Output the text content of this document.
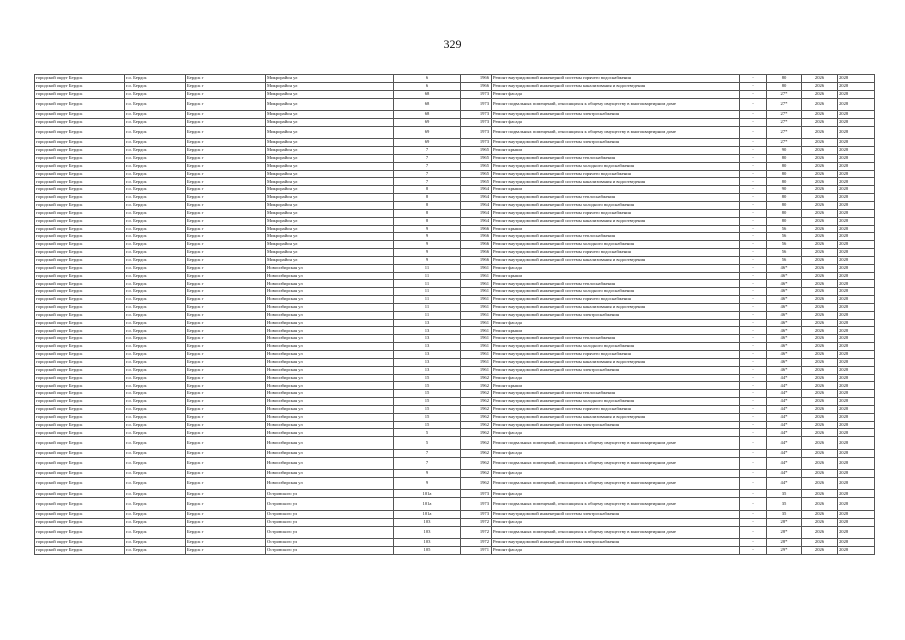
329
городской округ Бердск	г.о. Бердск	Бердск г	Микрорайон ул	6	1966	Ремонт внутридомовой инженерной системы горячего водоснабжения	-	80	2026	2028
городской округ Бердск	г.о. Бердск	Бердск г	Микрорайон ул	6	1966	Ремонт внутридомовой инженерной системы канализования и водоотведения	-	80	2026	2028
городской округ Бердск	г.о. Бердск	Бердск г	Микрорайон ул	68	1973	Ремонт фасада	-	27*	2026	2028
городской округ Бердск	г.о. Бердск	Бердск г	Микрорайон ул	68	1973	Ремонт подвальных помещений, относящихся к общему имуществу в многоквартирном доме	-	27*	2026	2028
городской округ Бердск	г.о. Бердск	Бердск г	Микрорайон ул	68	1973	Ремонт внутридомовой инженерной системы электроснабжения	-	27*	2026	2028
городской округ Бердск	г.о. Бердск	Бердск г	Микрорайон ул	69	1973	Ремонт фасада	-	27*	2026	2028
городской округ Бердск	г.о. Бердск	Бердск г	Микрорайон ул	69	1973	Ремонт подвальных помещений, относящихся к общему имуществу в многоквартирном доме	-	27*	2026	2028
городской округ Бердск	г.о. Бердск	Бердск г	Микрорайон ул	69	1973	Ремонт внутридомовой инженерной системы электроснабжения	-	27*	2026	2028
городской округ Бердск	г.о. Бердск	Бердск г	Микрорайон ул	7	1965	Ремонт крыши	-	90	2026	2028
городской округ Бердск	г.о. Бердск	Бердск г	Микрорайон ул	7	1965	Ремонт внутридомовой инженерной системы теплоснабжения	-	80	2026	2028
городской округ Бердск	г.о. Бердск	Бердск г	Микрорайон ул	7	1965	Ремонт внутридомовой инженерной системы холодного водоснабжения	-	80	2026	2028
городской округ Бердск	г.о. Бердск	Бердск г	Микрорайон ул	7	1965	Ремонт внутридомовой инженерной системы горячего водоснабжения	-	80	2026	2028
городской округ Бердск	г.о. Бердск	Бердск г	Микрорайон ул	7	1965	Ремонт внутридомовой инженерной системы канализования и водоотведения	-	80	2026	2028
городской округ Бердск	г.о. Бердск	Бердск г	Микрорайон ул	8	1964	Ремонт крыши	-	90	2026	2028
городской округ Бердск	г.о. Бердск	Бердск г	Микрорайон ул	8	1964	Ремонт внутридомовой инженерной системы теплоснабжения	-	80	2026	2028
городской округ Бердск	г.о. Бердск	Бердск г	Микрорайон ул	8	1964	Ремонт внутридомовой инженерной системы холодного водоснабжения	-	80	2026	2028
городской округ Бердск	г.о. Бердск	Бердск г	Микрорайон ул	8	1964	Ремонт внутридомовой инженерной системы горячего водоснабжения	-	80	2026	2028
городской округ Бердск	г.о. Бердск	Бердск г	Микрорайон ул	8	1964	Ремонт внутридомовой инженерной системы канализования и водоотведения	-	80	2026	2028
городской округ Бердск	г.о. Бердск	Бердск г	Микрорайон ул	9	1966	Ремонт крыши	-	56	2026	2028
городской округ Бердск	г.о. Бердск	Бердск г	Микрорайон ул	9	1966	Ремонт внутридомовой инженерной системы теплоснабжения	-	56	2026	2028
городской округ Бердск	г.о. Бердск	Бердск г	Микрорайон ул	9	1966	Ремонт внутридомовой инженерной системы холодного водоснабжения	-	56	2026	2028
городской округ Бердск	г.о. Бердск	Бердск г	Микрорайон ул	9	1966	Ремонт внутридомовой инженерной системы горячего водоснабжения	-	56	2026	2028
городской округ Бердск	г.о. Бердск	Бердск г	Микрорайон ул	9	1966	Ремонт внутридомовой инженерной системы канализования и водоотведения	-	56	2026	2028
городской округ Бердск	г.о. Бердск	Бердск г	Новосибирская ул	11	1961	Ремонт фасада	-	46*	2026	2028
городской округ Бердск	г.о. Бердск	Бердск г	Новосибирская ул	11	1961	Ремонт крыши	-	46*	2026	2028
городской округ Бердск	г.о. Бердск	Бердск г	Новосибирская ул	11	1961	Ремонт внутридомовой инженерной системы теплоснабжения	-	46*	2026	2028
городской округ Бердск	г.о. Бердск	Бердск г	Новосибирская ул	11	1961	Ремонт внутридомовой инженерной системы холодного водоснабжения	-	46*	2026	2028
городской округ Бердск	г.о. Бердск	Бердск г	Новосибирская ул	11	1961	Ремонт внутридомовой инженерной системы горячего водоснабжения	-	46*	2026	2028
городской округ Бердск	г.о. Бердск	Бердск г	Новосибирская ул	11	1961	Ремонт внутридомовой инженерной системы канализования и водоотведения	-	46*	2026	2028
городской округ Бердск	г.о. Бердск	Бердск г	Новосибирская ул	11	1961	Ремонт внутридомовой инженерной системы электроснабжения	-	46*	2026	2028
городской округ Бердск	г.о. Бердск	Бердск г	Новосибирская ул	13	1961	Ремонт фасада	-	46*	2026	2028
городской округ Бердск	г.о. Бердск	Бердск г	Новосибирская ул	13	1961	Ремонт крыши	-	46*	2026	2028
городской округ Бердск	г.о. Бердск	Бердск г	Новосибирская ул	13	1961	Ремонт внутридомовой инженерной системы теплоснабжения	-	46*	2026	2028
городской округ Бердск	г.о. Бердск	Бердск г	Новосибирская ул	13	1961	Ремонт внутридомовой инженерной системы холодного водоснабжения	-	46*	2026	2028
городской округ Бердск	г.о. Бердск	Бердск г	Новосибирская ул	13	1961	Ремонт внутридомовой инженерной системы горячего водоснабжения	-	46*	2026	2028
городской округ Бердск	г.о. Бердск	Бердск г	Новосибирская ул	13	1961	Ремонт внутридомовой инженерной системы канализования и водоотведения	-	46*	2026	2028
городской округ Бердск	г.о. Бердск	Бердск г	Новосибирская ул	13	1961	Ремонт внутридомовой инженерной системы электроснабжения	-	46*	2026	2028
городской округ Бердск	г.о. Бердск	Бердск г	Новосибирская ул	15	1962	Ремонт фасада	-	44*	2026	2028
городской округ Бердск	г.о. Бердск	Бердск г	Новосибирская ул	15	1962	Ремонт крыши	-	44*	2026	2028
городской округ Бердск	г.о. Бердск	Бердск г	Новосибирская ул	15	1962	Ремонт внутридомовой инженерной системы теплоснабжения	-	44*	2026	2028
городской округ Бердск	г.о. Бердск	Бердск г	Новосибирская ул	15	1962	Ремонт внутридомовой инженерной системы холодного водоснабжения	-	44*	2026	2028
городской округ Бердск	г.о. Бердск	Бердск г	Новосибирская ул	15	1962	Ремонт внутридомовой инженерной системы горячего водоснабжения	-	44*	2026	2028
городской округ Бердск	г.о. Бердск	Бердск г	Новосибирская ул	15	1962	Ремонт внутридомовой инженерной системы канализования и водоотведения	-	44*	2026	2028
городской округ Бердск	г.о. Бердск	Бердск г	Новосибирская ул	15	1962	Ремонт внутридомовой инженерной системы электроснабжения	-	44*	2026	2028
городской округ Бердск	г.о. Бердск	Бердск г	Новосибирская ул	5	1962	Ремонт фасада	-	44*	2026	2028
городской округ Бердск	г.о. Бердск	Бердск г	Новосибирская ул	5	1962	Ремонт подвальных помещений, относящихся к общему имуществу в многоквартирном доме	-	44*	2026	2028
городской округ Бердск	г.о. Бердск	Бердск г	Новосибирская ул	7	1962	Ремонт фасада	-	44*	2026	2028
городской округ Бердск	г.о. Бердск	Бердск г	Новосибирская ул	7	1962	Ремонт подвальных помещений, относящихся к общему имуществу в многоквартирном доме	-	44*	2026	2028
городской округ Бердск	г.о. Бердск	Бердск г	Новосибирская ул	9	1962	Ремонт фасада	-	44*	2026	2028
городской округ Бердск	г.о. Бердск	Бердск г	Новосибирская ул	9	1962	Ремонт подвальных помещений, относящихся к общему имуществу в многоквартирном доме	-	44*	2026	2028
городской округ Бердск	г.о. Бердск	Бердск г	Островского ул	101а	1973	Ремонт фасада	-	35	2026	2028
городской округ Бердск	г.о. Бердск	Бердск г	Островского ул	101а	1973	Ремонт подвальных помещений, относящихся к общему имуществу в многоквартирном доме	-	35	2026	2028
городской округ Бердск	г.о. Бердск	Бердск г	Островского ул	101а	1973	Ремонт внутридомовой инженерной системы электроснабжения	-	35	2026	2028
городской округ Бердск	г.о. Бердск	Бердск г	Островского ул	103	1972	Ремонт фасада	-	28*	2026	2028
городской округ Бердск	г.о. Бердск	Бердск г	Островского ул	103	1972	Ремонт подвальных помещений, относящихся к общему имуществу в многоквартирном доме	-	28*	2026	2028
городской округ Бердск	г.о. Бердск	Бердск г	Островского ул	103	1972	Ремонт внутридомовой инженерной системы электроснабжения	-	28*	2026	2028
городской округ Бердск	г.о. Бердск	Бердск г	Островского ул	105	1971	Ремонт фасада	-	29*	2026	2028
